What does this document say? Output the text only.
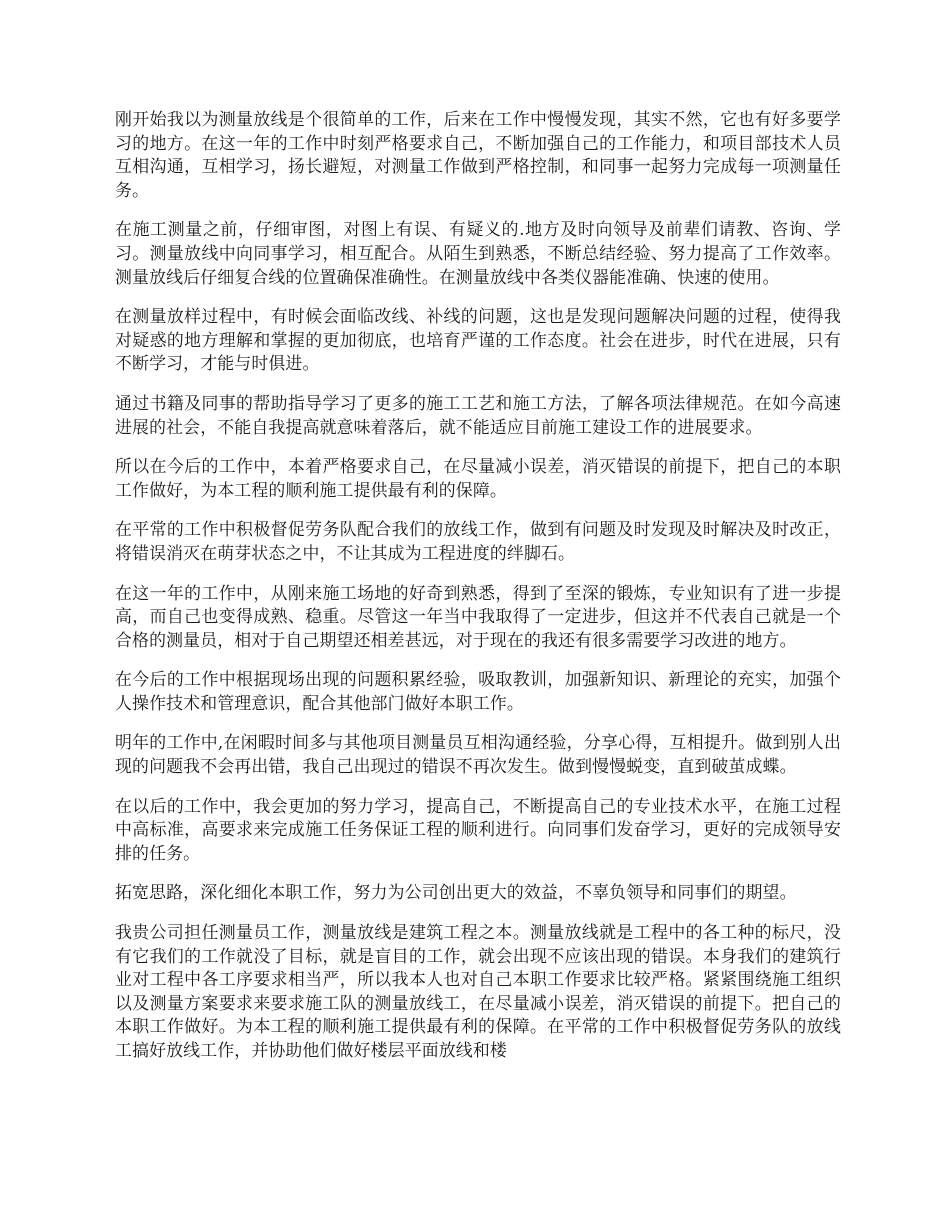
刚开始我以为测量放线是个很简单的工作，后来在工作中慢慢发现，其实不然，它也有好多要学习的地方。在这一年的工作中时刻严格要求自己，不断加强自己的工作能力，和项目部技术人员互相沟通，互相学习，扬长避短，对测量工作做到严格控制，和同事一起努力完成每一项测量任务。

在施工测量之前，仔细审图，对图上有误、有疑义的.地方及时向领导及前辈们请教、咨询、学习。测量放线中向同事学习，相互配合。从陌生到熟悉，不断总结经验、努力提高了工作效率。测量放线后仔细复合线的位置确保准确性。在测量放线中各类仪器能准确、快速的使用。

在测量放样过程中，有时候会面临改线、补线的问题，这也是发现问题解决问题的过程，使得我对疑惑的地方理解和掌握的更加彻底，也培育严谨的工作态度。社会在进步，时代在进展，只有不断学习，才能与时俱进。

通过书籍及同事的帮助指导学习了更多的施工工艺和施工方法，了解各项法律规范。在如今高速进展的社会，不能自我提高就意味着落后，就不能适应目前施工建设工作的进展要求。

所以在今后的工作中，本着严格要求自己，在尽量减小误差，消灭错误的前提下，把自己的本职工作做好，为本工程的顺利施工提供最有利的保障。

在平常的工作中积极督促劳务队配合我们的放线工作，做到有问题及时发现及时解决及时改正，将错误消灭在萌芽状态之中，不让其成为工程进度的绊脚石。

在这一年的工作中，从刚来施工场地的好奇到熟悉，得到了至深的锻炼，专业知识有了进一步提高，而自己也变得成熟、稳重。尽管这一年当中我取得了一定进步，但这并不代表自己就是一个合格的测量员，相对于自己期望还相差甚远，对于现在的我还有很多需要学习改进的地方。

在今后的工作中根据现场出现的问题积累经验，吸取教训，加强新知识、新理论的充实，加强个人操作技术和管理意识，配合其他部门做好本职工作。

明年的工作中,在闲暇时间多与其他项目测量员互相沟通经验，分享心得，互相提升。做到别人出现的问题我不会再出错，我自己出现过的错误不再次发生。做到慢慢蜕变，直到破茧成蝶。

在以后的工作中，我会更加的努力学习，提高自己，不断提高自己的专业技术水平，在施工过程中高标准，高要求来完成施工任务保证工程的顺利进行。向同事们发奋学习，更好的完成领导安排的任务。

拓宽思路，深化细化本职工作，努力为公司创出更大的效益，不辜负领导和同事们的期望。

我贵公司担任测量员工作，测量放线是建筑工程之本。测量放线就是工程中的各工种的标尺，没有它我们的工作就没了目标，就是盲目的工作，就会出现不应该出现的错误。本身我们的建筑行业对工程中各工序要求相当严，所以我本人也对自己本职工作要求比较严格。紧紧围绕施工组织以及测量方案要求来要求施工队的测量放线工，在尽量减小误差，消灭错误的前提下。把自己的本职工作做好。为本工程的顺利施工提供最有利的保障。在平常的工作中积极督促劳务队的放线工搞好放线工作，并协助他们做好楼层平面放线和楼
